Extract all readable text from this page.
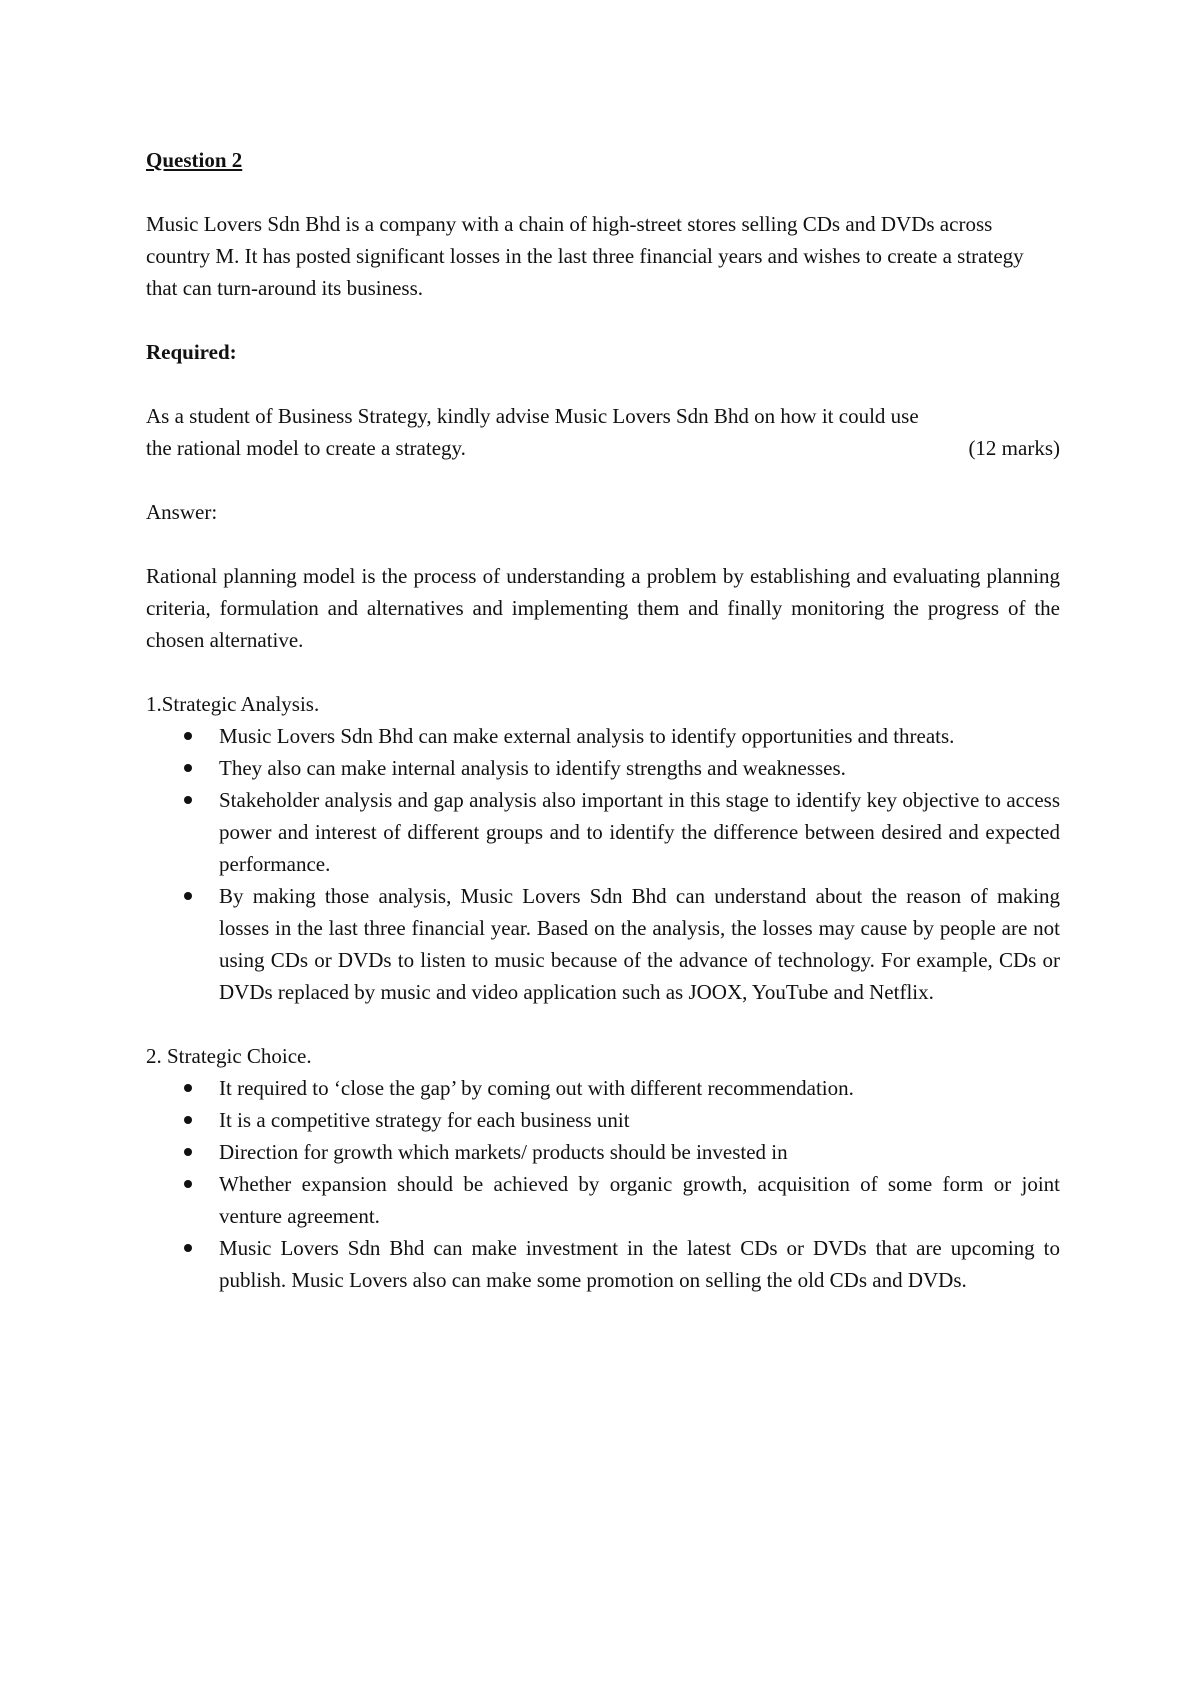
Question 2

Music Lovers Sdn Bhd is a company with a chain of high-street stores selling CDs and DVDs across country M. It has posted significant losses in the last three financial years and wishes to create a strategy that can turn-around its business.

Required:

As a student of Business Strategy, kindly advise Music Lovers Sdn Bhd on how it could use

the rational model to create a strategy.	(12 marks)

Answer:

Rational planning model is the process of understanding a problem by establishing and evaluating planning criteria, formulation and alternatives and implementing them and finally monitoring the progress of the chosen alternative.

1.Strategic Analysis.

Music Lovers Sdn Bhd can make external analysis to identify opportunities and threats.
They also can make internal analysis to identify strengths and weaknesses.
Stakeholder analysis and gap analysis also important in this stage to identify key objective to access power and interest of different groups and to identify the difference between desired and expected performance.
By making those analysis, Music Lovers Sdn Bhd can understand about the reason of making losses in the last three financial year. Based on the analysis, the losses may cause by people are not using CDs or DVDs to listen to music because of the advance of technology. For example, CDs or DVDs replaced by music and video application such as JOOX, YouTube and Netflix.

2. Strategic Choice.

It required to ‘close the gap’ by coming out with different recommendation.
It is a competitive strategy for each business unit
Direction for growth which markets/ products should be invested in
Whether expansion should be achieved by organic growth, acquisition of some form or joint venture agreement.
Music Lovers Sdn Bhd can make investment in the latest CDs or DVDs that are upcoming to publish. Music Lovers also can make some promotion on selling the old CDs and DVDs.
